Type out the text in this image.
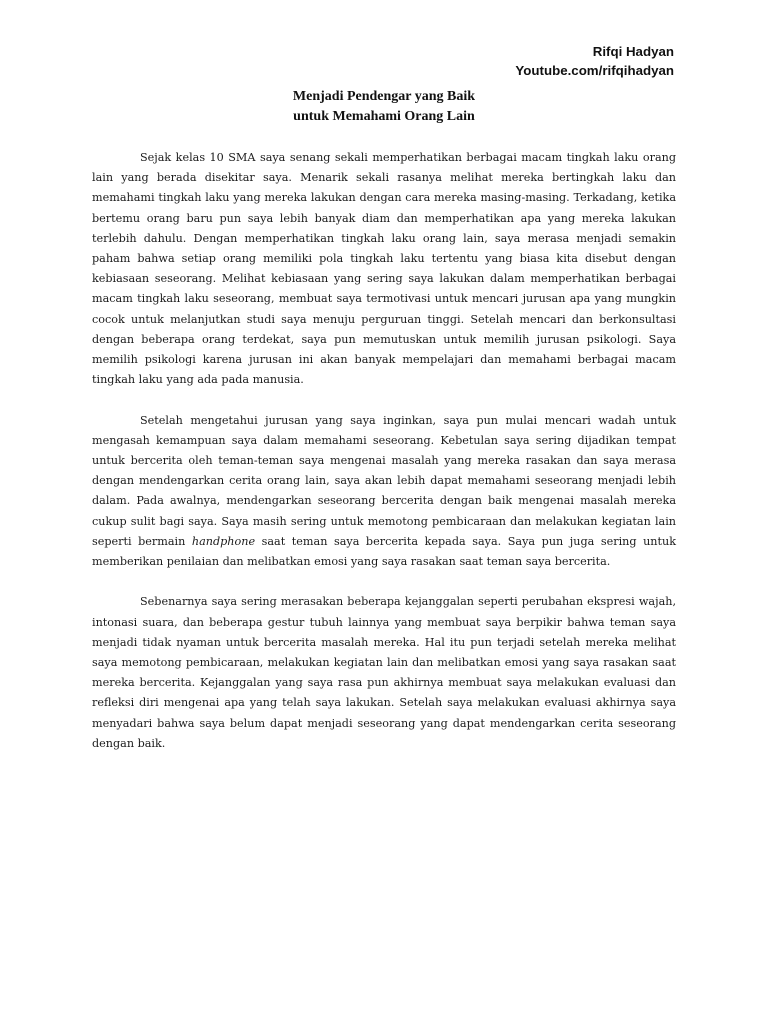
Rifqi Hadyan
Youtube.com/rifqihadyan
Menjadi Pendengar yang Baik
untuk Memahami Orang Lain

Sejak kelas 10 SMA saya senang sekali memperhatikan berbagai macam tingkah laku orang lain yang berada disekitar saya. Menarik sekali rasanya melihat mereka bertingkah laku dan memahami tingkah laku yang mereka lakukan dengan cara mereka masing-masing. Terkadang, ketika bertemu orang baru pun saya lebih banyak diam dan memperhatikan apa yang mereka lakukan terlebih dahulu. Dengan memperhatikan tingkah laku orang lain, saya merasa menjadi semakin paham bahwa setiap orang memiliki pola tingkah laku tertentu yang biasa kita disebut dengan kebiasaan seseorang. Melihat kebiasaan yang sering saya lakukan dalam memperhatikan berbagai macam tingkah laku seseorang, membuat saya termotivasi untuk mencari jurusan apa yang mungkin cocok untuk melanjutkan studi saya menuju perguruan tinggi. Setelah mencari dan berkonsultasi dengan beberapa orang terdekat, saya pun memutuskan untuk memilih jurusan psikologi. Saya memilih psikologi karena jurusan ini akan banyak mempelajari dan memahami berbagai macam tingkah laku yang ada pada manusia.

Setelah mengetahui jurusan yang saya inginkan, saya pun mulai mencari wadah untuk mengasah kemampuan saya dalam memahami seseorang. Kebetulan saya sering dijadikan tempat untuk bercerita oleh teman-teman saya mengenai masalah yang mereka rasakan dan saya merasa dengan mendengarkan cerita orang lain, saya akan lebih dapat memahami seseorang menjadi lebih dalam. Pada awalnya, mendengarkan seseorang bercerita dengan baik mengenai masalah mereka cukup sulit bagi saya. Saya masih sering untuk memotong pembicaraan dan melakukan kegiatan lain seperti bermain handphone saat teman saya bercerita kepada saya. Saya pun juga sering untuk memberikan penilaian dan melibatkan emosi yang saya rasakan saat teman saya bercerita.

Sebenarnya saya sering merasakan beberapa kejanggalan seperti perubahan ekspresi wajah, intonasi suara, dan beberapa gestur tubuh lainnya yang membuat saya berpikir bahwa teman saya menjadi tidak nyaman untuk bercerita masalah mereka. Hal itu pun terjadi setelah mereka melihat saya memotong pembicaraan, melakukan kegiatan lain dan melibatkan emosi yang saya rasakan saat mereka bercerita. Kejanggalan yang saya rasa pun akhirnya membuat saya melakukan evaluasi dan refleksi diri mengenai apa yang telah saya lakukan. Setelah saya melakukan evaluasi akhirnya saya menyadari bahwa saya belum dapat menjadi seseorang yang dapat mendengarkan cerita seseorang dengan baik.
